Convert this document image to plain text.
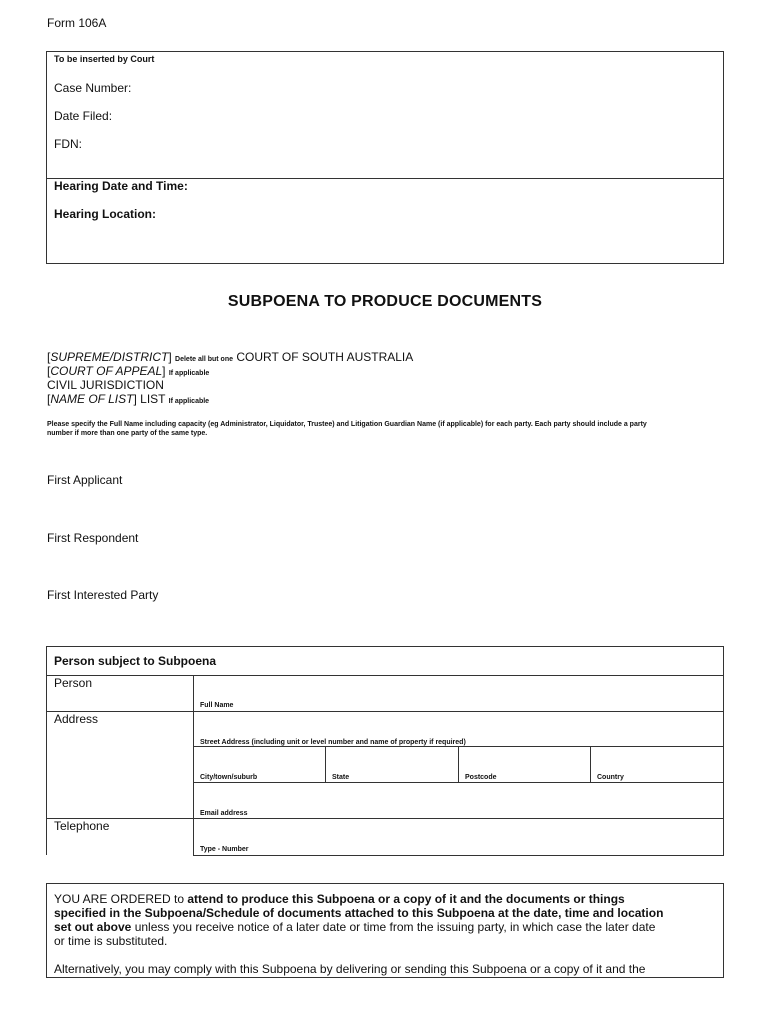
Form 106A
To be inserted by Court
Case Number:
Date Filed:
FDN:
Hearing Date and Time:
Hearing Location:
SUBPOENA TO PRODUCE DOCUMENTS
[SUPREME/DISTRICT] Delete all but one COURT OF SOUTH AUSTRALIA
[COURT OF APPEAL] If applicable
CIVIL JURISDICTION
[NAME OF LIST] LIST If applicable
Please specify the Full Name including capacity (eg Administrator, Liquidator, Trustee) and Litigation Guardian Name (if applicable) for each party. Each party should include a party
number if more than one party of the same type.
First Applicant
First Respondent
First Interested Party
Person subject to Subpoena
Person
Full Name
Address
Street Address (including unit or level number and name of property if required)
City/town/suburb	State	Postcode	Country
Email address
Telephone
Type - Number
YOU ARE ORDERED to attend to produce this Subpoena or a copy of it and the documents or things
specified in the Subpoena/Schedule of documents attached to this Subpoena at the date, time and location
set out above unless you receive notice of a later date or time from the issuing party, in which case the later date
or time is substituted.
Alternatively, you may comply with this Subpoena by delivering or sending this Subpoena or a copy of it and the
